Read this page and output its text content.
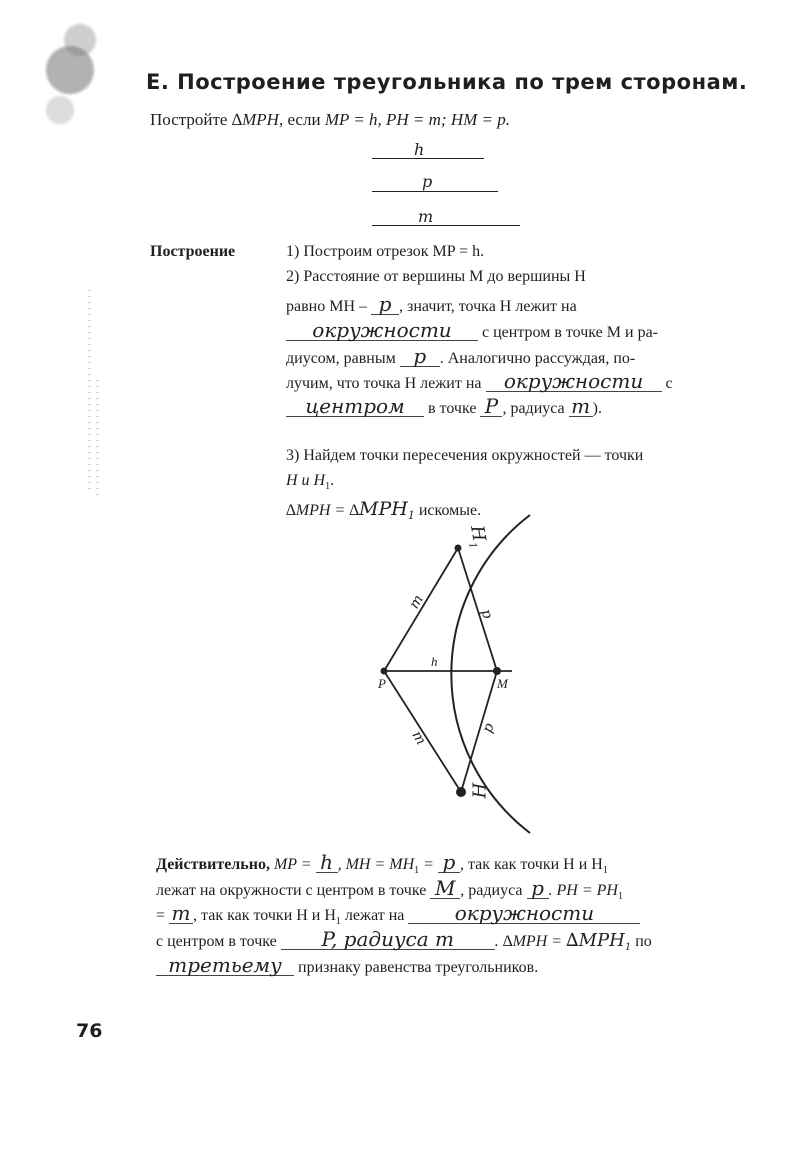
Е. Построение треугольника по трем сторонам.
Постройте ∆MPH, если MP = h, PH = m; HM = p.
h
p
m
Построение	1) Построим отрезок MP = h.
2) Расстояние от вершины M до вершины H
равно MH – p , значит, точка H лежит на
окружности с центром в точке M и ра-
диусом, равным p . Аналогично рассуждая, по-
лучим, что точка H лежит на окружности с
центром в точке P , радиуса m ).
3) Найдем точки пересечения окружностей — точки
H и $H_1$.
$\Delta MPH = \Delta MPH_1$ искомые.
P	M
h
$H_1$
H
m
p
m
p
Действительно, MP = h , MH = $MH_1 = p$ , так как точки H и $H_1$
лежат на окружности с центром в точке M , радиуса p . PH = $PH_1$
= m , так как точки H и $H_1$ лежат на	окружности
с центром в точке P, радиуса m	. $\Delta MPH = \Delta MPH_1$ по
третьему признаку равенства треугольников.
76
